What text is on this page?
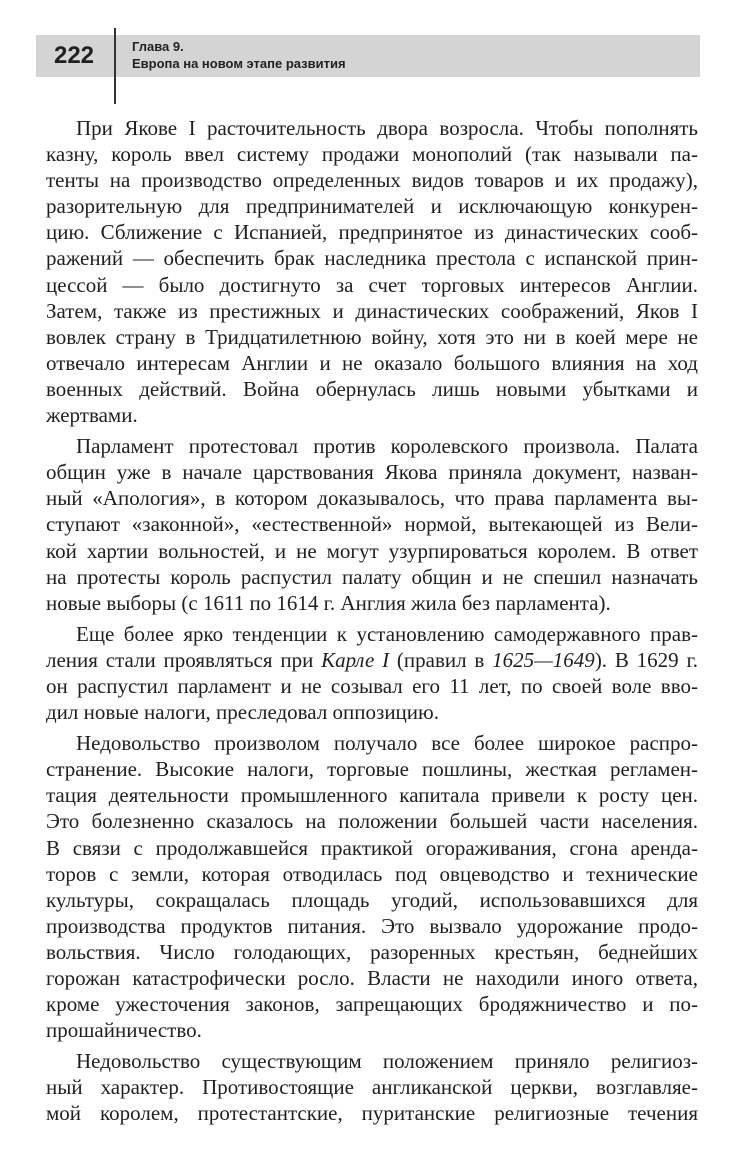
222	Глава 9.
Европа на новом этапе развития
При Якове I расточительность двора возросла. Чтобы пополнять
казну, король ввел систему продажи монополий (так называли па-
тенты на производство определенных видов товаров и их продажу),
разорительную для предпринимателей и исключающую конкурен-
цию. Сближение с Испанией, предпринятое из династических сооб-
ражений — обеспечить брак наследника престола с испанской прин-
цессой — было достигнуто за счет торговых интересов Англии.
Затем, также из престижных и династических соображений, Яков I
вовлек страну в Тридцатилетнюю войну, хотя это ни в коей мере не
отвечало интересам Англии и не оказало большого влияния на ход
военных действий. Война обернулась лишь новыми убытками и
жертвами.
Парламент протестовал против королевского произвола. Палата
общин уже в начале царствования Якова приняла документ, назван-
ный «Апология», в котором доказывалось, что права парламента вы-
ступают «законной», «естественной» нормой, вытекающей из Вели-
кой хартии вольностей, и не могут узурпироваться королем. В ответ
на протесты король распустил палату общин и не спешил назначать
новые выборы (с 1611 по 1614 г. Англия жила без парламента).
Еще более ярко тенденции к установлению самодержавного прав-
ления стали проявляться при Карле I (правил в 1625—1649). В 1629 г.
он распустил парламент и не созывал его 11 лет, по своей воле вво-
дил новые налоги, преследовал оппозицию.
Недовольство произволом получало все более широкое распро-
странение. Высокие налоги, торговые пошлины, жесткая регламен-
тация деятельности промышленного капитала привели к росту цен.
Это болезненно сказалось на положении большей части населения.
В связи с продолжавшейся практикой огораживания, сгона аренда-
торов с земли, которая отводилась под овцеводство и технические
культуры, сокращалась площадь угодий, использовавшихся для
производства продуктов питания. Это вызвало удорожание продо-
вольствия. Число голодающих, разоренных крестьян, беднейших
горожан катастрофически росло. Власти не находили иного ответа,
кроме ужесточения законов, запрещающих бродяжничество и по-
прошайничество.
Недовольство существующим положением приняло религиоз-
ный характер. Противостоящие англиканской церкви, возглавляе-
мой королем, протестантские, пуританские религиозные течения
